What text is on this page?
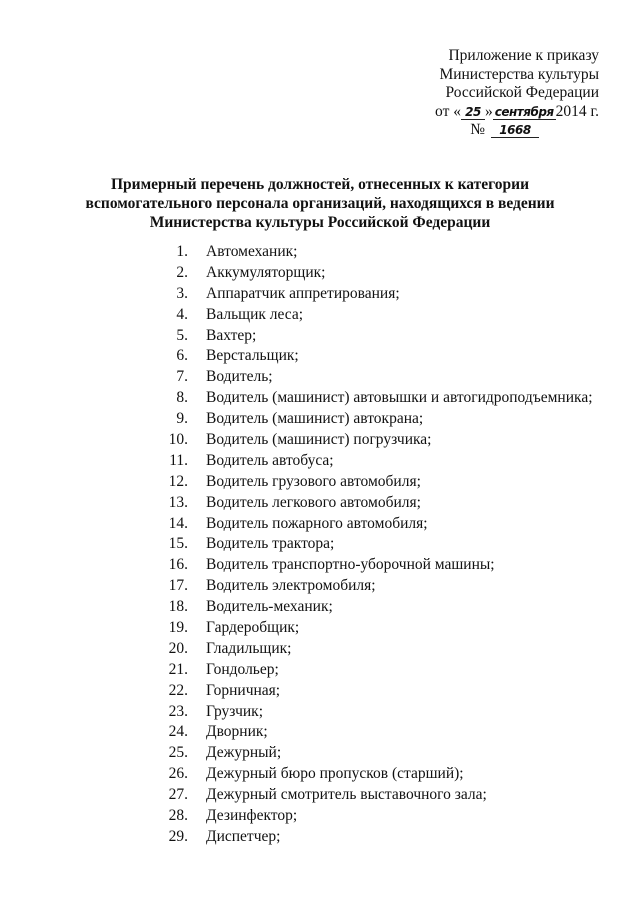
Приложение к приказу
Министерства культуры
Российской Федерации
от « 25 » сентября 2014 г.
№ 1668
Примерный перечень должностей, отнесенных к категории
вспомогательного персонала организаций, находящихся в ведении
Министерства культуры Российской Федерации
1. Автомеханик;
2. Аккумуляторщик;
3. Аппаратчик аппретирования;
4. Вальщик леса;
5. Вахтер;
6. Верстальщик;
7. Водитель;
8. Водитель (машинист) автовышки и автогидроподъемника;
9. Водитель (машинист) автокрана;
10. Водитель (машинист) погрузчика;
11. Водитель автобуса;
12. Водитель грузового автомобиля;
13. Водитель легкового автомобиля;
14. Водитель пожарного автомобиля;
15. Водитель трактора;
16. Водитель транспортно-уборочной машины;
17. Водитель электромобиля;
18. Водитель-механик;
19. Гардеробщик;
20. Гладильщик;
21. Гондольер;
22. Горничная;
23. Грузчик;
24. Дворник;
25. Дежурный;
26. Дежурный бюро пропусков (старший);
27. Дежурный смотритель выставочного зала;
28. Дезинфектор;
29. Диспетчер;
